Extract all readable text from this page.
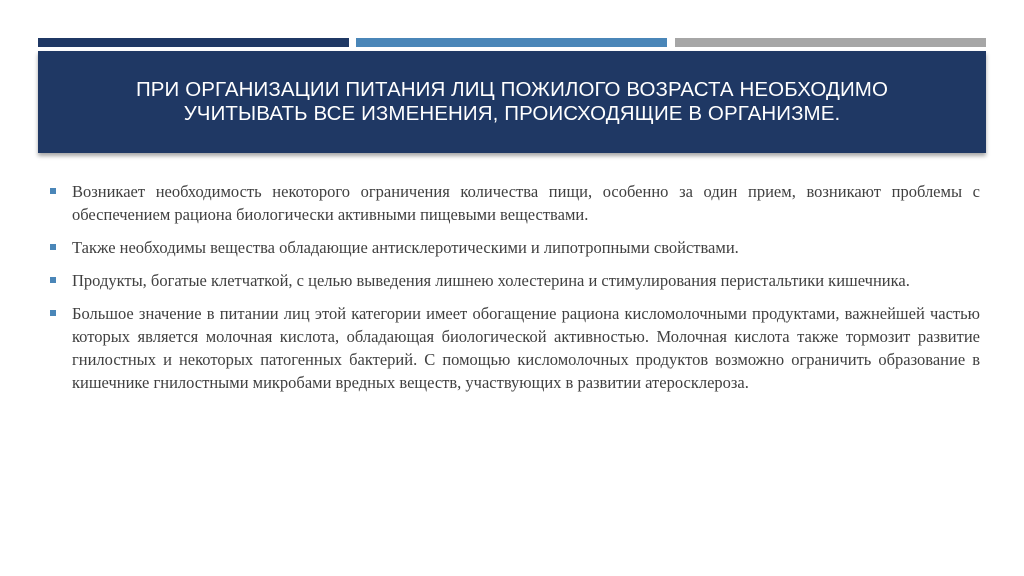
ПРИ ОРГАНИЗАЦИИ ПИТАНИЯ ЛИЦ ПОЖИЛОГО ВОЗРАСТА НЕОБХОДИМО УЧИТЫВАТЬ ВСЕ ИЗМЕНЕНИЯ, ПРОИСХОДЯЩИЕ В ОРГАНИЗМЕ.
Возникает необходимость некоторого ограничения количества пищи, особенно за один прием, возникают проблемы с обеспечением рациона биологически активными пищевыми веществами.
Также необходимы вещества обладающие антисклеротическими и липотропными свойствами.
Продукты, богатые клетчаткой, с целью выведения лишнею холестерина и стимулирования перистальтики кишечника.
Большое значение в питании лиц этой категории имеет обогащение рациона кисломолочными продуктами, важнейшей частью которых является молочная кислота, обладающая биологической активностью. Молочная кислота также тормозит развитие гнилостных и некоторых патогенных бактерий. С помощью кисломолочных продуктов возможно ограничить образование в кишечнике гнилостными микробами вредных веществ, участвующих в развитии атеросклероза.
